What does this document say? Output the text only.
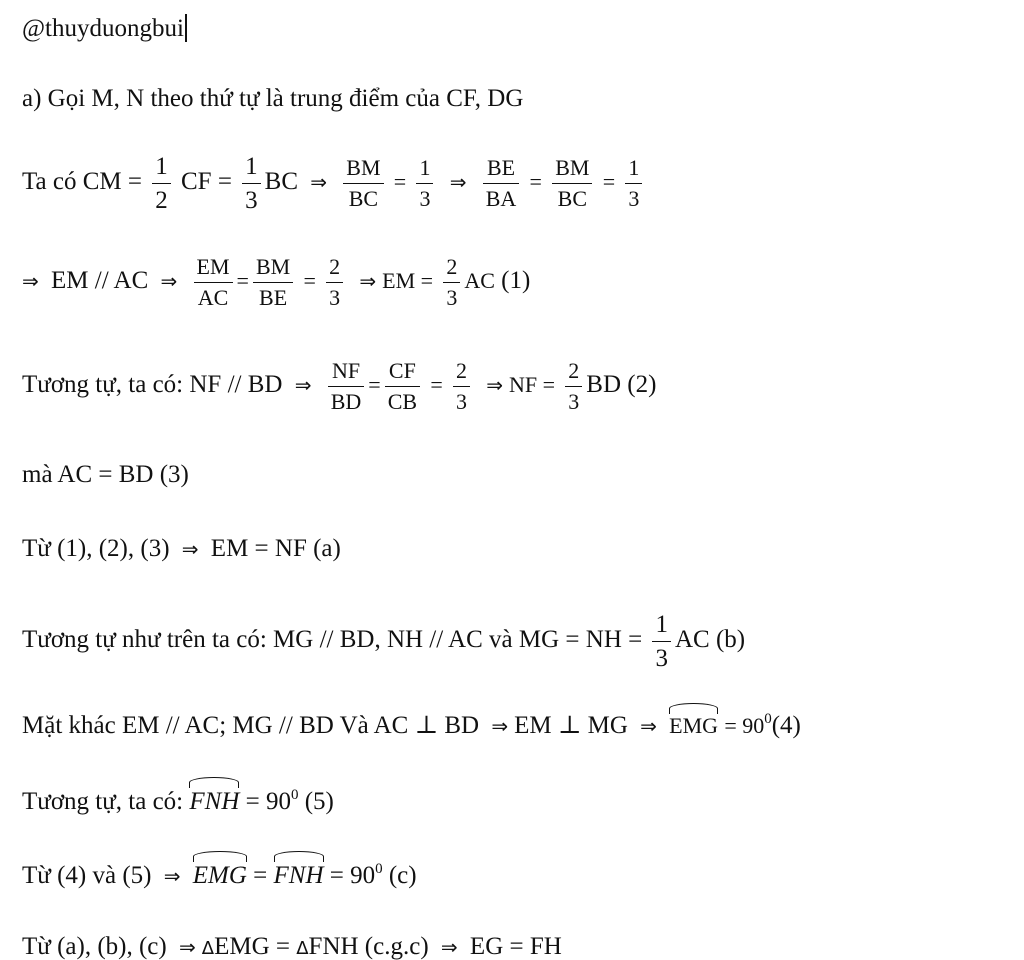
@thuyduongbui
a) Gọi M, N theo thứ tự là trung điểm của CF, DG
Ta có CM = $\frac{1}{2}$ CF = $\frac{1}{3}$ BC ⇒ $\frac{BM}{BC} = \frac{1}{3}$ ⇒ $\frac{BE}{BA} = \frac{BM}{BC} = \frac{1}{3}$
⇒ EM // AC ⇒ $\frac{EM}{AC} = \frac{BM}{BE} = \frac{2}{3}$ ⇒ EM = $\frac{2}{3}$ AC (1)
Tương tự, ta có: NF // BD ⇒ $\frac{NF}{BD} = \frac{CF}{CB} = \frac{2}{3}$ ⇒ NF = $\frac{2}{3}$ BD (2)
mà AC = BD (3)
Từ (1), (2), (3) ⇒ EM = NF (a)
Tương tự như trên ta có: MG // BD, NH // AC và MG = NH = $\frac{1}{3}$ AC (b)
Mặt khác EM // AC; MG // BD Và AC ⊥ BD ⇒ EM ⊥ MG ⇒ EMG = $90^0(4)$
Tương tự, ta có: FNH = $90^0$ (5)
Từ (4) và (5) ⇒ EMG = FNH = $90^0$ (c)
Từ (a), (b), (c) ⇒ ΔEMG = ΔFNH (c.g.c) ⇒ EG = FH
